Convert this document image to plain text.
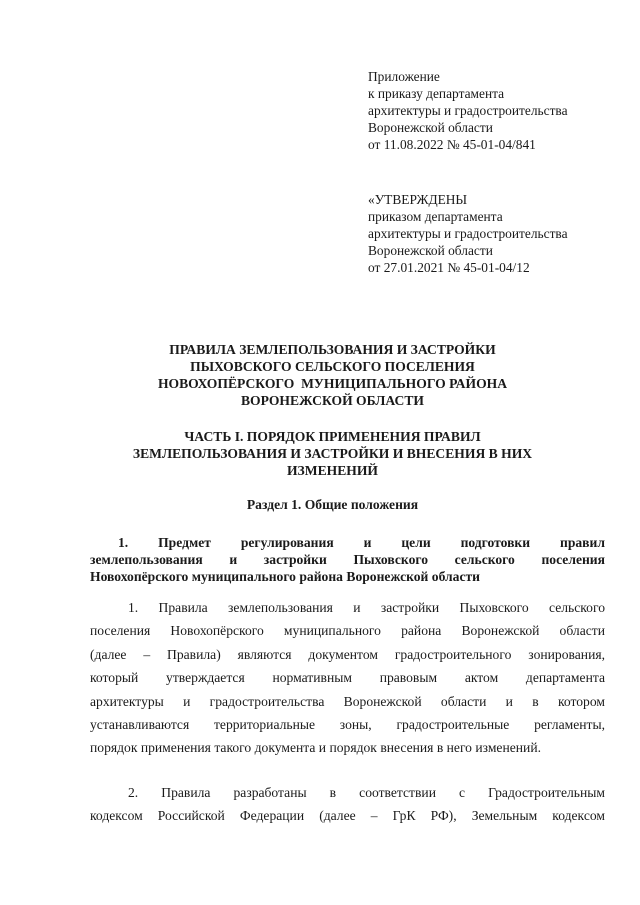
Приложение
к приказу департамента
архитектуры и градостроительства
Воронежской области
от 11.08.2022 № 45-01-04/841
«УТВЕРЖДЕНЫ
приказом департамента
архитектуры и градостроительства
Воронежской области
от 27.01.2021 № 45-01-04/12
ПРАВИЛА ЗЕМЛЕПОЛЬЗОВАНИЯ И ЗАСТРОЙКИ
ПЫХОВСКОГО СЕЛЬСКОГО ПОСЕЛЕНИЯ
НОВОХОПЁРСКОГО  МУНИЦИПАЛЬНОГО РАЙОНА
ВОРОНЕЖСКОЙ ОБЛАСТИ
ЧАСТЬ I. ПОРЯДОК ПРИМЕНЕНИЯ ПРАВИЛ
ЗЕМЛЕПОЛЬЗОВАНИЯ И ЗАСТРОЙКИ И ВНЕСЕНИЯ В НИХ
ИЗМЕНЕНИЙ
Раздел 1. Общие положения
1. Предмет регулирования и цели подготовки правил
землепользования и застройки Пыховского сельского поселения
Новохопёрского муниципального района Воронежской области
1. Правила землепользования и застройки Пыховского сельского
поселения Новохопёрского муниципального района Воронежской области
(далее – Правила) являются документом градостроительного зонирования,
который утверждается нормативным правовым актом департамента
архитектуры и градостроительства Воронежской области и в котором
устанавливаются территориальные зоны, градостроительные регламенты,
порядок применения такого документа и порядок внесения в него изменений.
2. Правила разработаны в соответствии с Градостроительным
кодексом Российской Федерации (далее – ГрК РФ), Земельным кодексом
